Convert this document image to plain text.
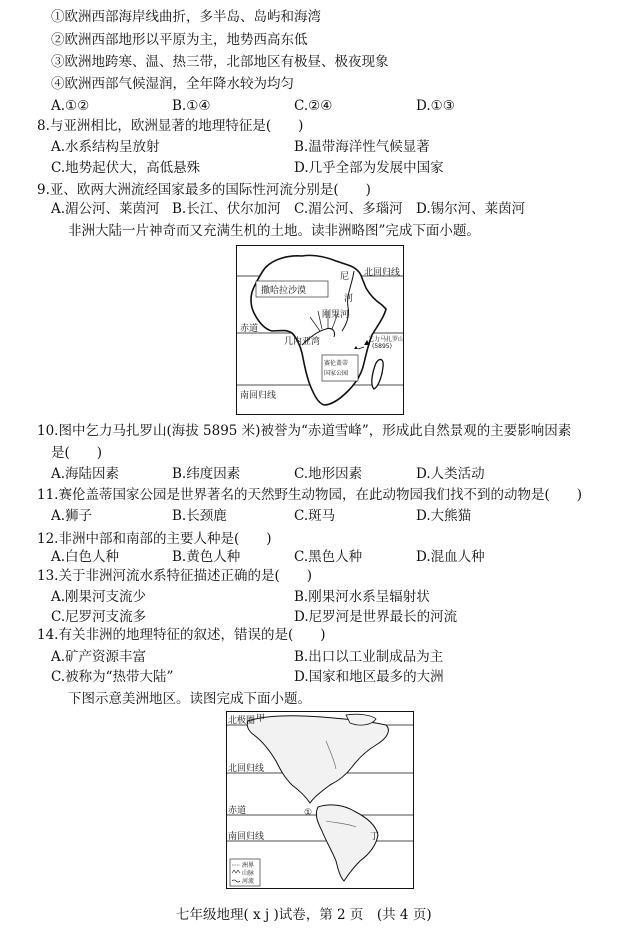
①欧洲西部海岸线曲折，多半岛、岛屿和海湾
②欧洲西部地形以平原为主，地势西高东低
③欧洲地跨寒、温、热三带，北部地区有极昼、极夜现象
④欧洲西部气候湿润，全年降水较为均匀
8.与亚洲相比，欧洲显著的地理特征是(　　)
9.亚、欧两大洲流经国家最多的国际性河流分别是(　　)
非洲大陆一片神奇而又充满生机的土地。读非洲略图”完成下面小题。
10.图中乞力马扎罗山(海拔 5895 米)被誉为“赤道雪峰”，形成此自然景观的主要影响因素
是(　　)
11.赛伦盖蒂国家公园是世界著名的天然野生动物园，在此动物园我们找不到的动物是(　　)
12.非洲中部和南部的主要人种是(　　)
13.关于非洲河流水系特征描述正确的是(　　)
14.有关非洲的地理特征的叙述，错误的是(　　)
下图示意美洲地区。读图完成下面小题。
A.①②	B.①④	C.②④	D.①③
A.水系结构呈放射	B.温带海洋性气候显著
C.地势起伏大，高低悬殊	D.几乎全部为发展中国家
A.湄公河、莱茵河 B.长江、伏尔加河 C.湄公河、多瑙河 D.锡尔河、莱茵河
A.海陆因素	B.纬度因素	C.地形因素	D.人类活动
A.狮子	B.长颈鹿	C.斑马	D.大熊猫
A.白色人种	B.黄色人种	C.黑色人种	D.混血人种
A.刚果河支流少	B.刚果河水系呈辐射状
C.尼罗河支流多	D.尼罗河是世界最长的河流
A.矿产资源丰富	B.出口以工业制成品为主
C.被称为“热带大陆”	D.国家和地区最多的大洲
北回归线
撒哈拉沙漠
尼
河
刚果河
赤道
几内亚湾	乞力马扎罗山
(5895)
赛伦盖蒂
国家公园
南回归线
北极圈 甲
北回归线
赤道	①
南回归线	丁
洲界
山脉
河流
七年级地理( x j )试卷，第 2 页　(共 4 页)
